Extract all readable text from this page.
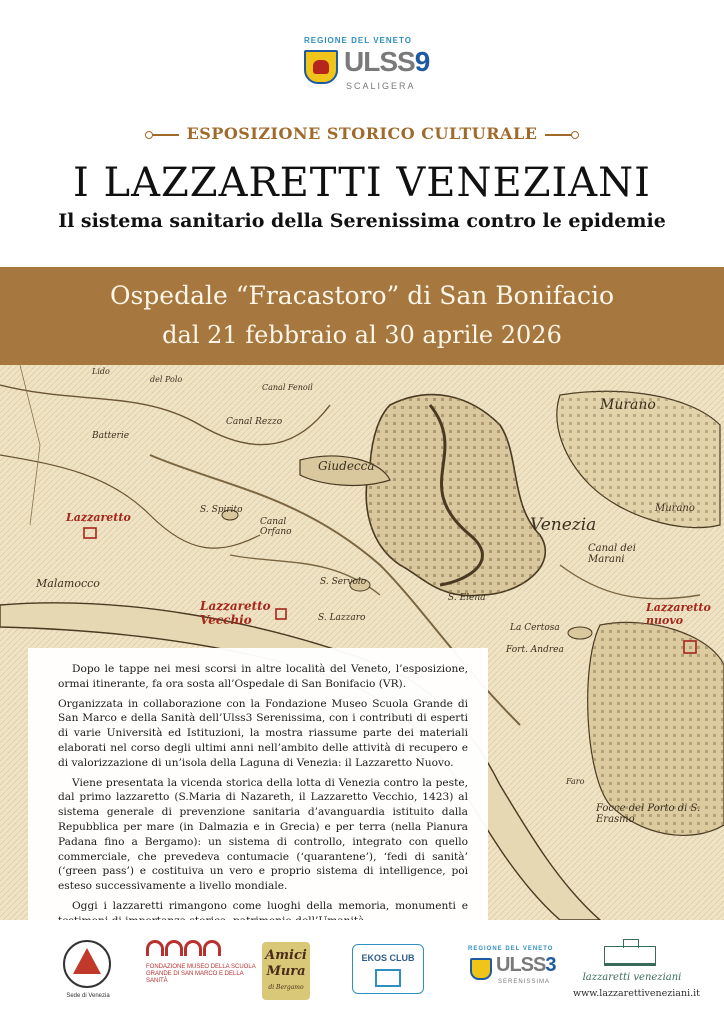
REGIONE DEL VENETO
ULSS9
SCALIGERA
ESPOSIZIONE STORICO CULTURALE
I LAZZARETTI VENEZIANI
Il sistema sanitario della Serenissima contro le epidemie
Ospedale “Fracastoro” di San Bonifacio
dal 21 febbraio al 30 aprile 2026
Murano
Murano
Giudecca
Venezia
Canal dei Marani
Lazzaretto
Lazzaretto Vecchio
Lazzaretto nuovo
Malamocco
S. Spirito
S. Lazzaro
S. Servolo
Canal Orfano
La Certosa
Fort. Andrea
Focce del Porto di S. Erasmo
Batterie
Canal Rezzo
Canal Fenoil
Lido
del Polo
Faro
S. Elena

Dopo le tappe nei mesi scorsi in altre località del Veneto, l’esposizione, ormai itinerante, fa ora sosta all’Ospedale di San Bonifacio (VR).

Organizzata in collaborazione con la Fondazione Museo Scuola Grande di San Marco e della Sanità dell’Ulss3 Serenissima, con i contributi di esperti di varie Università ed Istituzioni, la mostra riassume parte dei materiali elaborati nel corso degli ultimi anni nell’ambito delle attività di recupero e di valorizzazione di un’isola della Laguna di Venezia: il Lazzaretto Nuovo.

Viene presentata la vicenda storica della lotta di Venezia contro la peste, dal primo lazzaretto (S.Maria di Nazareth, il Lazzaretto Vecchio, 1423) al sistema generale di prevenzione sanitaria d’avanguardia istituito dalla Repubblica per mare (in Dalmazia e in Grecia) e per terra (nella Pianura Padana fino a Bergamo): un sistema di controllo, integrato con quello commerciale, che prevedeva contumacie (‘quarantene’), ‘fedi di sanità’ (‘green pass’) e costituiva un vero e proprio sistema di intelligence, poi esteso successivamente a livello mondiale.

Oggi i lazzaretti rimangono come luoghi della memoria, monumenti e

Sede di Venezia
FONDAZIONE MUSEO DELLA SCUOLA GRANDE DI SAN MARCO E DELLA SANITÀ
Amici
Mura
di Bergamo
EKOS CLUB
REGIONE DEL VENETO
ULSS3
SERENISSIMA	lazzaretti veneziani
www.lazzarettiveneziani.it
